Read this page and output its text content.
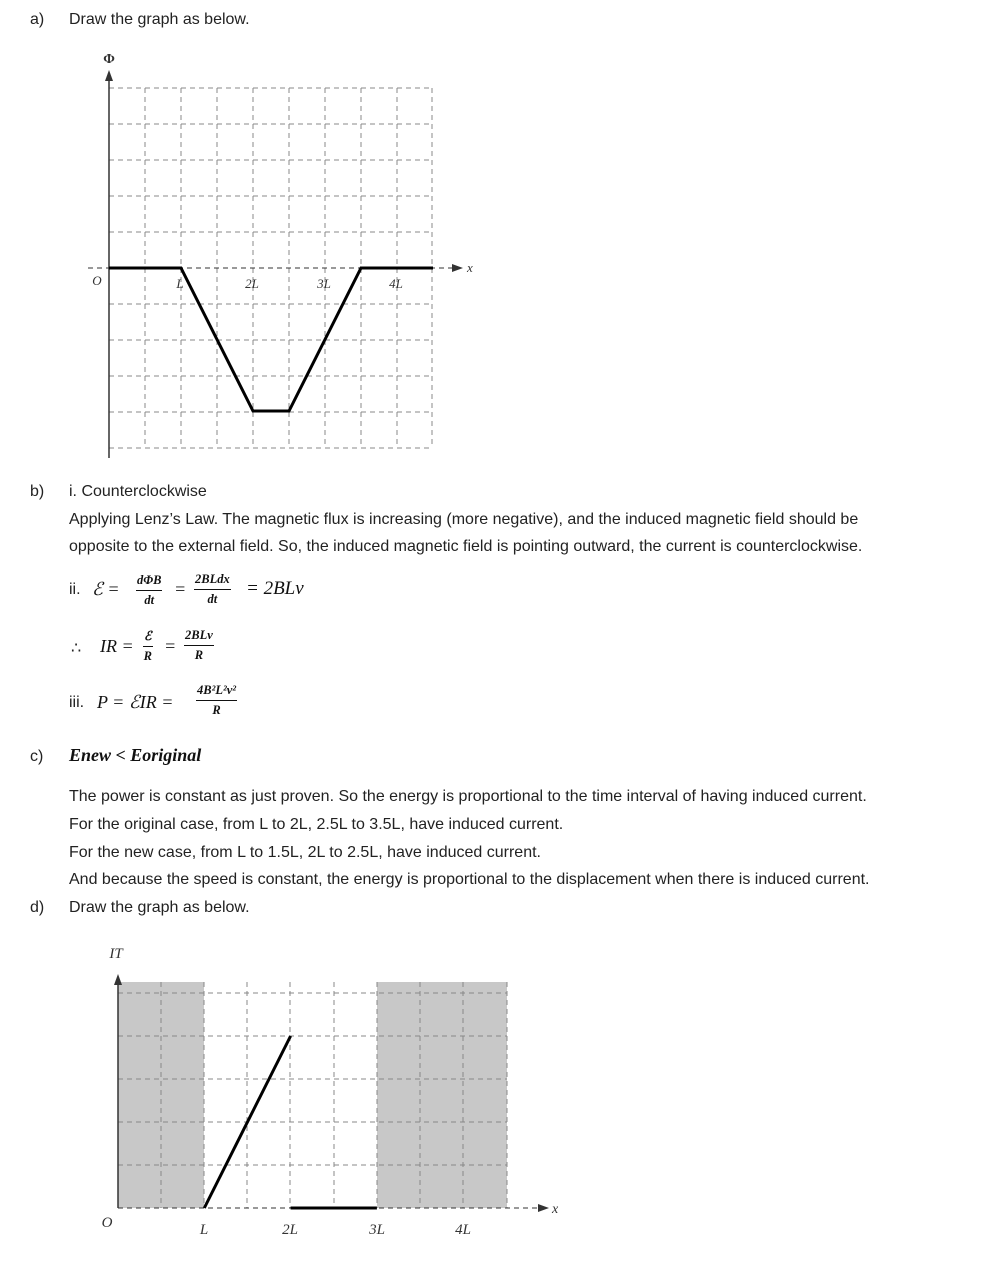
a) Draw the graph as below.
Φ
x
O	L	2L	3L	4L
b) i. Counterclockwise
Applying Lenz’s Law. The magnetic flux is increasing (more negative), and the induced magnetic field should be
opposite to the external field. So, the induced magnetic field is pointing outward, the current is counterclockwise.
ii. ℰ = dΦB
dt
= 2BLdx
dt	= 2BLv
∴ IR = ℰ
R =
2BLv
R
iii. P = ℰIR = $\frac{\text{4B²L²v²}}{R}$
c) Enew < Eoriginal
The power is constant as just proven. So the energy is proportional to the time interval of having induced current.
For the original case, from L to 2L, 2.5L to 3.5L, have induced current.
For the new case, from L to 1.5L, 2L to 2.5L, have induced current.
And because the speed is constant, the energy is proportional to the displacement when there is induced current.
d) Draw the graph as below.
IT
x
O	L	2L	3L	4L
